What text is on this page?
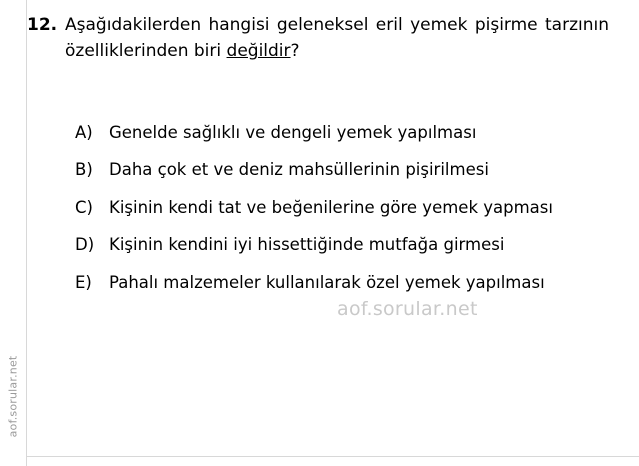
aof.sorular.net
12. Aşağıdakilerden hangisi geleneksel eril yemek pişirme tarzının özelliklerinden biri değildir?
A) Genelde sağlıklı ve dengeli yemek yapılması
B) Daha çok et ve deniz mahsüllerinin pişirilmesi
C) Kişinin kendi tat ve beğenilerine göre yemek yapması
D) Kişinin kendini iyi hissettiğinde mutfağa girmesi
E)	Pahalı malzemeler kullanılarak özel yemek yapılması
aof.sorular.net
